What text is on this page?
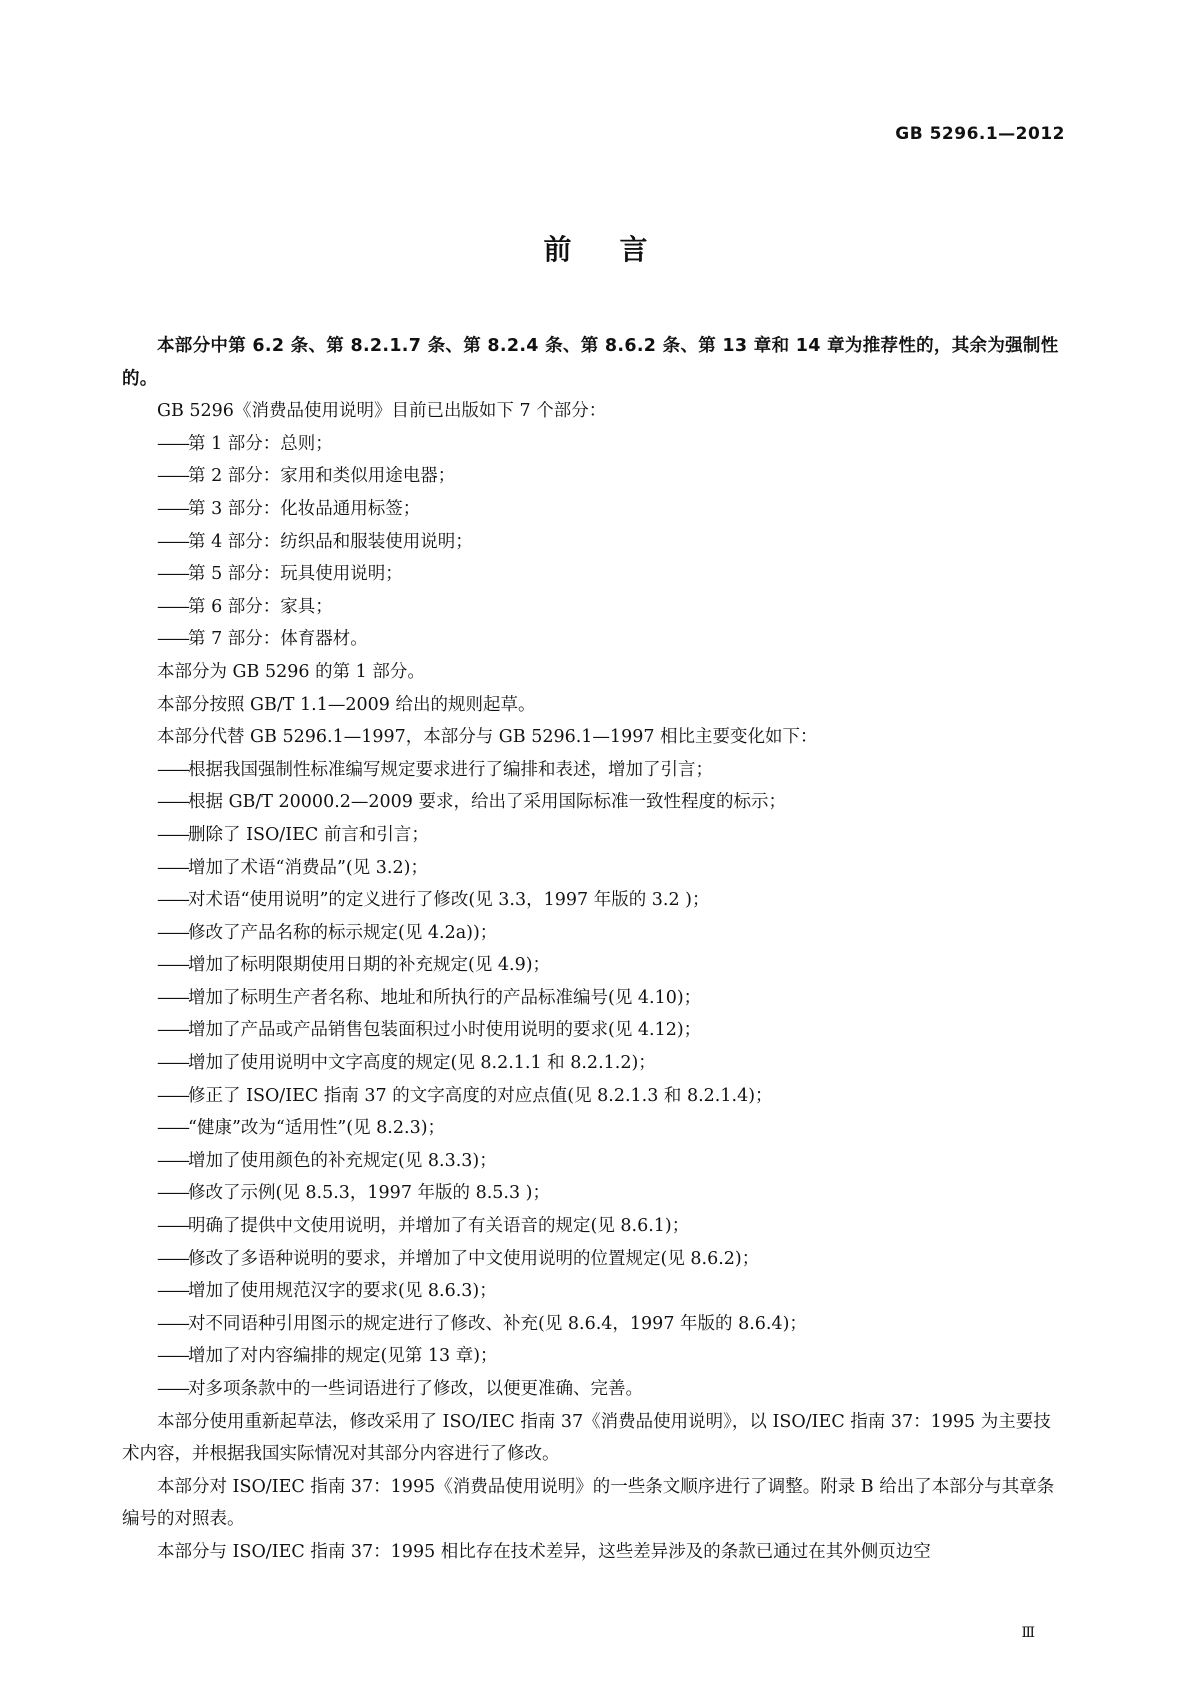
GB 5296.1—2012
前言

本部分中第 6.2 条、第 8.2.1.7 条、第 8.2.4 条、第 8.6.2 条、第 13 章和 14 章为推荐性的，其余为强制性的。

GB 5296《消费品使用说明》目前已出版如下 7 个部分：

——第 1 部分：总则；

——第 2 部分：家用和类似用途电器；

——第 3 部分：化妆品通用标签；

——第 4 部分：纺织品和服装使用说明；

——第 5 部分：玩具使用说明；

——第 6 部分：家具；

——第 7 部分：体育器材。

本部分为 GB 5296 的第 1 部分。

本部分按照 GB/T 1.1—2009 给出的规则起草。

本部分代替 GB 5296.1—1997，本部分与 GB 5296.1—1997 相比主要变化如下：

——根据我国强制性标准编写规定要求进行了编排和表述，增加了引言；

——根据 GB/T 20000.2—2009 要求，给出了采用国际标准一致性程度的标示；

——删除了 ISO/IEC 前言和引言；

——增加了术语“消费品”(见 3.2)；

——对术语“使用说明”的定义进行了修改(见 3.3，1997 年版的 3.2 )；

——修改了产品名称的标示规定(见 4.2a))；

——增加了标明限期使用日期的补充规定(见 4.9)；

——增加了标明生产者名称、地址和所执行的产品标准编号(见 4.10)；

——增加了产品或产品销售包装面积过小时使用说明的要求(见 4.12)；

——增加了使用说明中文字高度的规定(见 8.2.1.1 和 8.2.1.2)；

——修正了 ISO/IEC 指南 37 的文字高度的对应点值(见 8.2.1.3 和 8.2.1.4)；

——“健康”改为“适用性”(见 8.2.3)；

——增加了使用颜色的补充规定(见 8.3.3)；

——修改了示例(见 8.5.3，1997 年版的 8.5.3 )；

——明确了提供中文使用说明，并增加了有关语音的规定(见 8.6.1)；

——修改了多语种说明的要求，并增加了中文使用说明的位置规定(见 8.6.2)；

——增加了使用规范汉字的要求(见 8.6.3)；

——对不同语种引用图示的规定进行了修改、补充(见 8.6.4，1997 年版的 8.6.4)；

——增加了对内容编排的规定(见第 13 章)；

——对多项条款中的一些词语进行了修改，以便更准确、完善。

本部分使用重新起草法，修改采用了 ISO/IEC 指南 37《消费品使用说明》，以 ISO/IEC 指南 37：1995 为主要技术内容，并根据我国实际情况对其部分内容进行了修改。

本部分对 ISO/IEC 指南 37：1995《消费品使用说明》的一些条文顺序进行了调整。附录 B 给出了本部分与其章条编号的对照表。

本部分与 ISO/IEC 指南 37：1995 相比存在技术差异，这些差异涉及的条款已通过在其外侧页边空

Ⅲ
